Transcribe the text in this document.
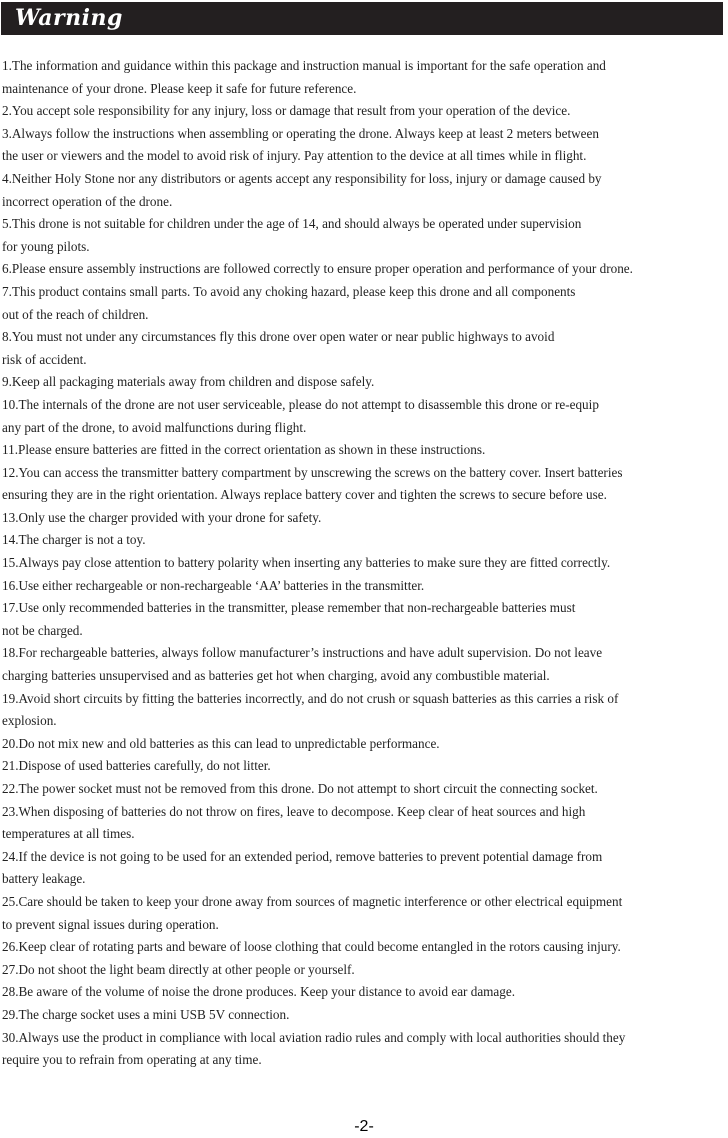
Warning
1.The information and guidance within this package and instruction manual is important for the safe operation and
maintenance of your drone. Please keep it safe for future reference.
2.You accept sole responsibility for any injury, loss or damage that result from your operation of the device.
3.Always follow the instructions when assembling or operating the drone. Always keep at least 2 meters between
the user or viewers and the model to avoid risk of injury. Pay attention to the device at all times while in flight.
4.Neither Holy Stone nor any distributors or agents accept any responsibility for loss, injury or damage caused by
incorrect operation of the drone.
5.This drone is not suitable for children under the age of 14, and should always be operated under supervision
for young pilots.
6.Please ensure assembly instructions are followed correctly to ensure proper operation and performance of your drone.
7.This product contains small parts. To avoid any choking hazard, please keep this drone and all components
out of the reach of children.
8.You must not under any circumstances fly this drone over open water or near public highways to avoid
risk of accident.
9.Keep all packaging materials away from children and dispose safely.
10.The internals of the drone are not user serviceable, please do not attempt to disassemble this drone or re-equip
any part of the drone, to avoid malfunctions during flight.
11.Please ensure batteries are fitted in the correct orientation as shown in these instructions.
12.You can access the transmitter battery compartment by unscrewing the screws on the battery cover. Insert batteries
ensuring they are in the right orientation. Always replace battery cover and tighten the screws to secure before use.
13.Only use the charger provided with your drone for safety.
14.The charger is not a toy.
15.Always pay close attention to battery polarity when inserting any batteries to make sure they are fitted correctly.
16.Use either rechargeable or non-rechargeable ‘AA’ batteries in the transmitter.
17.Use only recommended batteries in the transmitter, please remember that non-rechargeable batteries must
not be charged.
18.For rechargeable batteries, always follow manufacturer’s instructions and have adult supervision. Do not leave
charging batteries unsupervised and as batteries get hot when charging, avoid any combustible material.
19.Avoid short circuits by fitting the batteries incorrectly, and do not crush or squash batteries as this carries a risk of
explosion.
20.Do not mix new and old batteries as this can lead to unpredictable performance.
21.Dispose of used batteries carefully, do not litter.
22.The power socket must not be removed from this drone. Do not attempt to short circuit the connecting socket.
23.When disposing of batteries do not throw on fires, leave to decompose. Keep clear of heat sources and high
temperatures at all times.
24.If the device is not going to be used for an extended period, remove batteries to prevent potential damage from
battery leakage.
25.Care should be taken to keep your drone away from sources of magnetic interference or other electrical equipment
to prevent signal issues during operation.
26.Keep clear of rotating parts and beware of loose clothing that could become entangled in the rotors causing injury.
27.Do not shoot the light beam directly at other people or yourself.
28.Be aware of the volume of noise the drone produces. Keep your distance to avoid ear damage.
29.The charge socket uses a mini USB 5V connection.
30.Always use the product in compliance with local aviation radio rules and comply with local authorities should they
require you to refrain from operating at any time.
-2-
